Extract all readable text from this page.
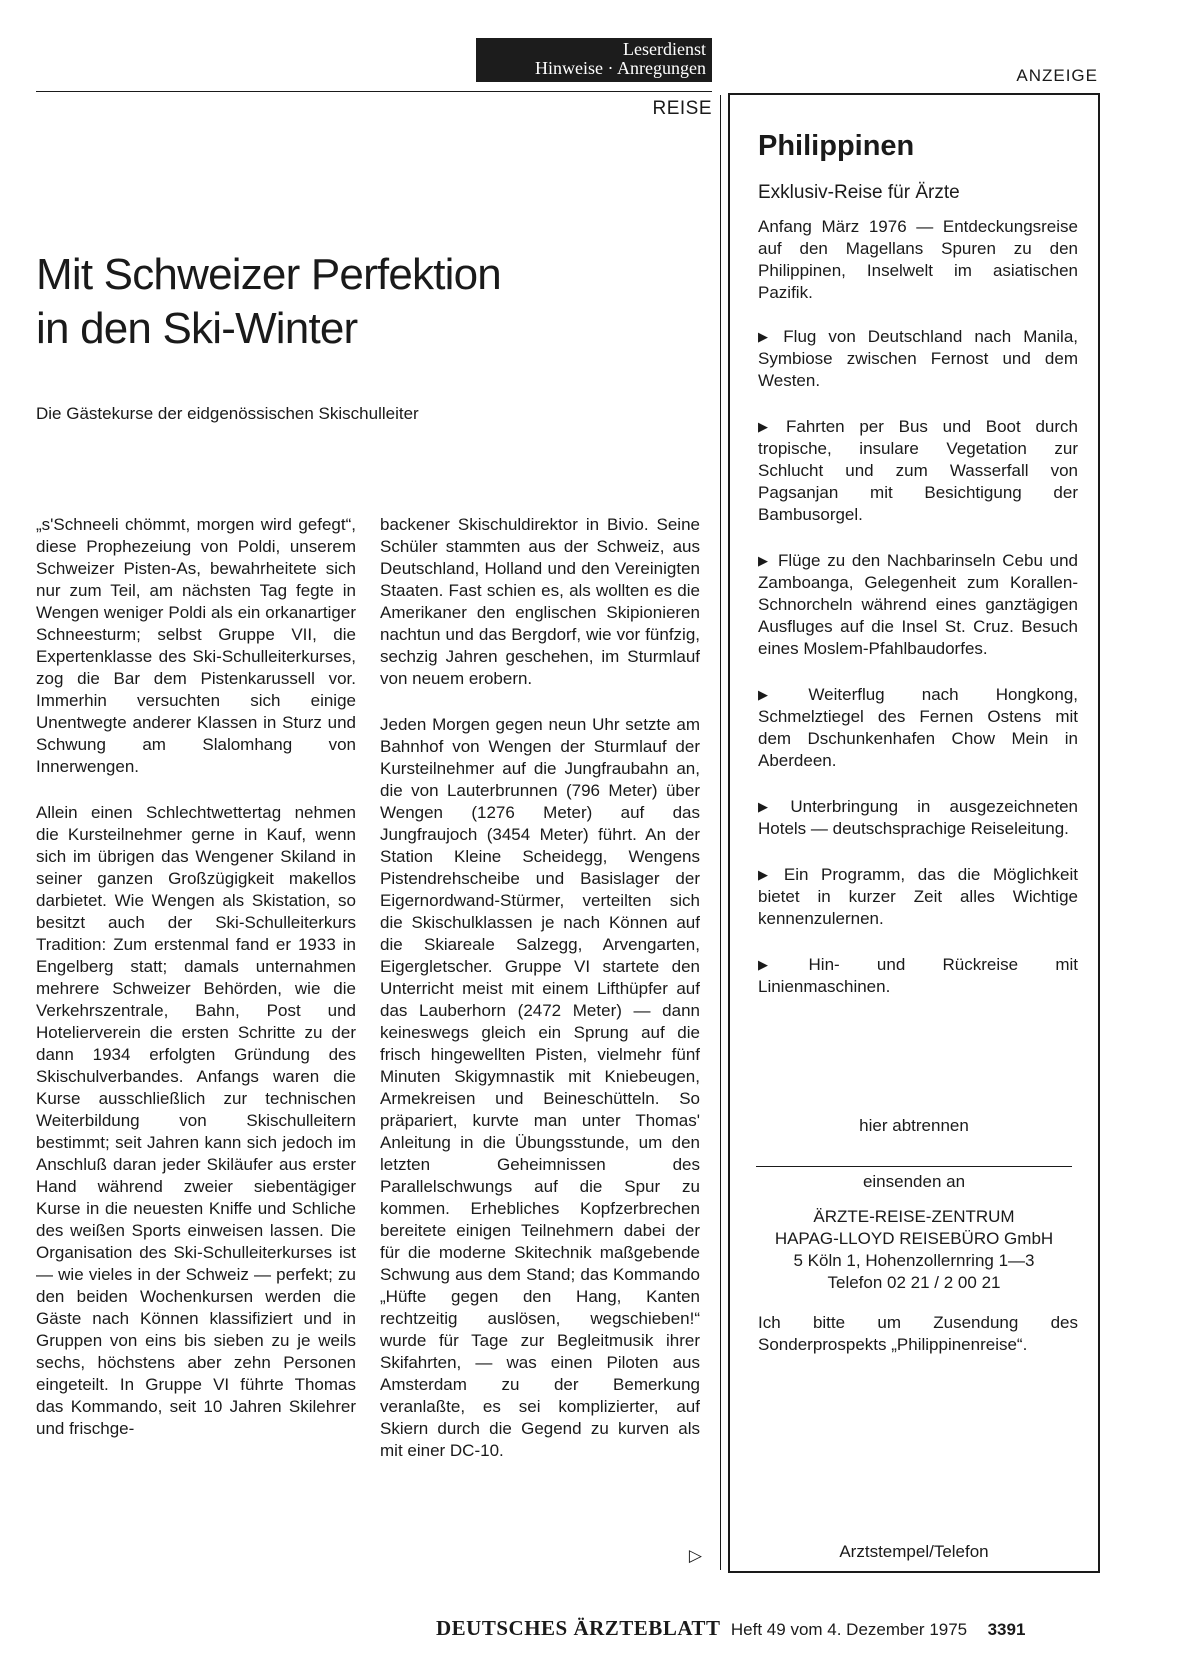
Leserdienst
Hinweise · Anregungen
REISE
Mit Schweizer Perfektion
in den Ski-Winter
Die Gästekurse der eidgenössischen Skischulleiter

„s'Schneeli chömmt, morgen wird gefegt“, diese Prophezeiung von Poldi, unserem Schweizer Pisten-As, bewahrheitete sich nur zum Teil, am nächsten Tag fegte in Wengen weniger Poldi als ein orkanartiger Schneesturm; selbst Gruppe VII, die Expertenklasse des Ski-Schulleiterkurses, zog die Bar dem Pistenkarussell vor. Immerhin versuchten sich einige Unentwegte anderer Klassen in Sturz und Schwung am Slalomhang von Innerwengen.

Allein einen Schlechtwettertag nehmen die Kursteilnehmer gerne in Kauf, wenn sich im übrigen das Wengener Skiland in seiner ganzen Großzügigkeit makellos darbietet. Wie Wengen als Skistation, so besitzt auch der Ski-Schulleiterkurs Tradition: Zum erstenmal fand er 1933 in Engelberg statt; damals unternahmen mehrere Schweizer Behörden, wie die Verkehrszentrale, Bahn, Post und Hotelierverein die ersten Schritte zu der dann 1934 erfolgten Gründung des Skischulverbandes. Anfangs waren die Kurse ausschließlich zur technischen Weiterbildung von Skischulleitern bestimmt; seit Jahren kann sich jedoch im Anschluß daran jeder Skiläufer aus erster Hand während zweier siebentägiger Kurse in die neuesten Kniffe und Schliche des weißen Sports einweisen lassen. Die Organisation des Ski-Schulleiterkurses ist — wie vieles in der Schweiz — perfekt; zu den beiden Wochenkursen werden die Gäste nach Können klassifiziert und in Gruppen von eins bis sieben zu je weils sechs, höchstens aber zehn Personen eingeteilt. In Gruppe VI führte Thomas das Kommando, seit 10 Jahren Skilehrer und frischge-

backener Skischuldirektor in Bivio. Seine Schüler stammten aus der Schweiz, aus Deutschland, Holland und den Vereinigten Staaten. Fast schien es, als wollten es die Amerikaner den englischen Skipionieren nachtun und das Bergdorf, wie vor fünfzig, sechzig Jahren geschehen, im Sturmlauf von neuem erobern.

Jeden Morgen gegen neun Uhr setzte am Bahnhof von Wengen der Sturmlauf der Kursteilnehmer auf die Jungfraubahn an, die von Lauterbrunnen (796 Meter) über Wengen (1276 Meter) auf das Jungfraujoch (3454 Meter) führt. An der Station Kleine Scheidegg, Wengens Pistendrehscheibe und Basislager der Eigernordwand-Stürmer, verteilten sich die Skischulklassen je nach Können auf die Skiareale Salzegg, Arvengarten, Eigergletscher. Gruppe VI startete den Unterricht meist mit einem Lifthüpfer auf das Lauberhorn (2472 Meter) — dann keineswegs gleich ein Sprung auf die frisch hingewellten Pisten, vielmehr fünf Minuten Skigymnastik mit Kniebeugen, Armekreisen und Beineschütteln. So präpariert, kurvte man unter Thomas' Anleitung in die Übungsstunde, um den letzten Geheimnissen des Parallelschwungs auf die Spur zu kommen. Erhebliches Kopfzerbrechen bereitete einigen Teilnehmern dabei der für die moderne Skitechnik maßgebende Schwung aus dem Stand; das Kommando „Hüfte gegen den Hang, Kanten rechtzeitig auslösen, wegschieben!“ wurde für Tage zur Begleitmusik ihrer Skifahrten, — was einen Piloten aus Amsterdam zu der Bemerkung veranlaßte, es sei komplizierter, auf Skiern durch die Gegend zu kurven als mit einer DC-10.

▷
ANZEIGE
Philippinen
Exklusiv-Reise für Ärzte
Anfang März 1976 — Entdeckungsreise auf den Magellans Spuren zu den Philippinen, Inselwelt im asiatischen Pazifik.

▶ Flug von Deutschland nach Manila, Symbiose zwischen Fernost und dem Westen.

▶ Fahrten per Bus und Boot durch tropische, insulare Vegetation zur Schlucht und zum Wasserfall von Pagsanjan mit Besichtigung der Bambusorgel.

▶ Flüge zu den Nachbarinseln Cebu und Zamboanga, Gelegenheit zum Korallen-Schnorcheln während eines ganztägigen Ausfluges auf die Insel St. Cruz. Besuch eines Moslem-Pfahlbaudorfes.

▶ Weiterflug nach Hongkong, Schmelztiegel des Fernen Ostens mit dem Dschunkenhafen Chow Mein in Aberdeen.

▶ Unterbringung in ausgezeichneten Hotels — deutschsprachige Reiseleitung.

▶ Ein Programm, das die Möglichkeit bietet in kurzer Zeit alles Wichtige kennenzulernen.

▶ Hin- und Rückreise mit Linienmaschinen.

hier abtrennen
einsenden an
ÄRZTE-REISE-ZENTRUM
HAPAG-LLOYD REISEBÜRO GmbH
5 Köln 1, Hohenzollernring 1—3
Telefon 02 21 / 2 00 21
Ich bitte um Zusendung des Sonderprospekts „Philippinenreise“.
Arztstempel/Telefon
DEUTSCHES ÄRZTEBLATT Heft 49 vom 4. Dezember 1975 3391
